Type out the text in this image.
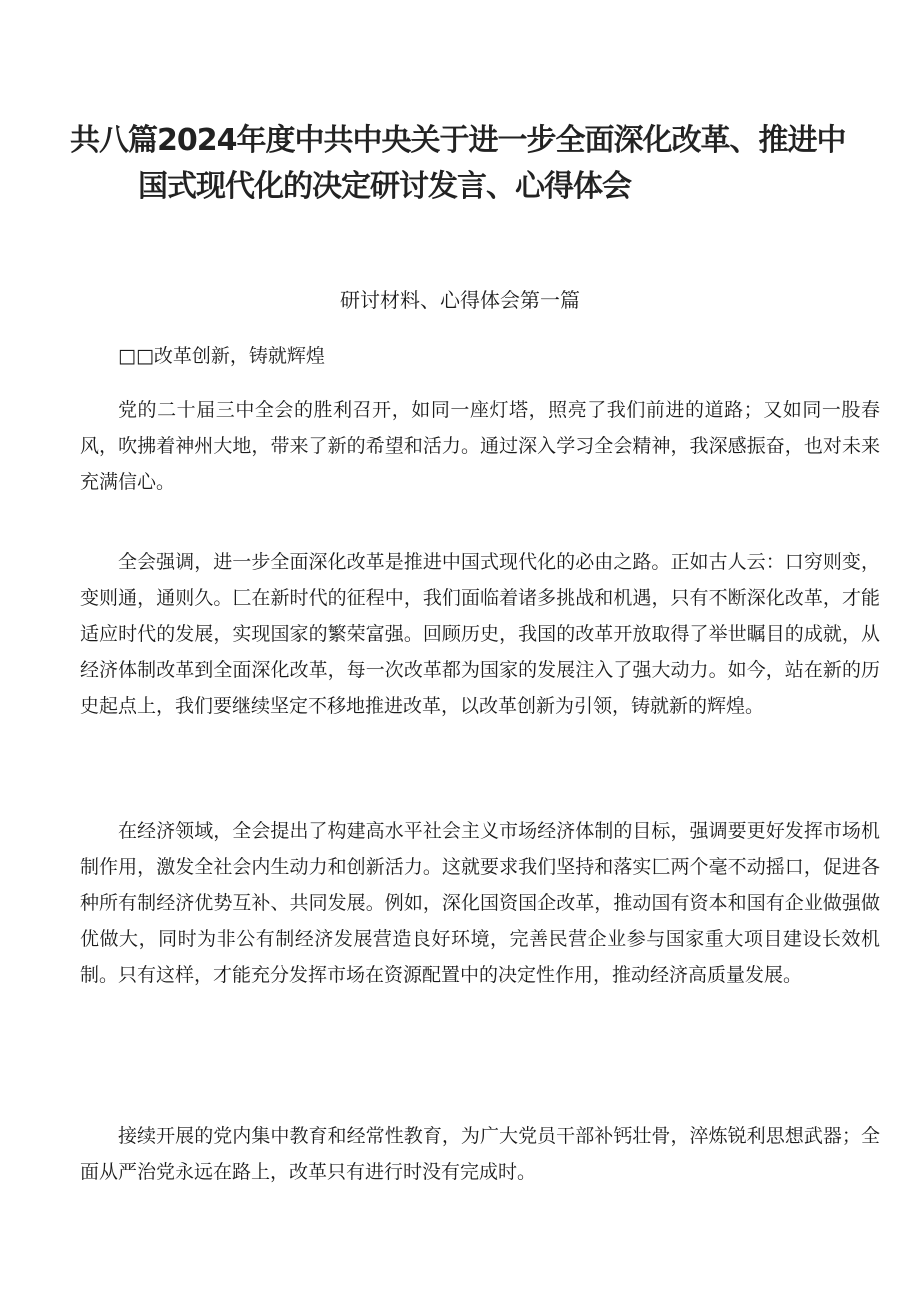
共八篇2024年度中共中央关于进一步全面深化改革、推进中
国式现代化的决定研讨发言、心得体会
研讨材料、心得体会第一篇

□□改革创新，铸就辉煌

党的二十届三中全会的胜利召开，如同一座灯塔，照亮了我们前进的道路；又如同一股春风，吹拂着神州大地，带来了新的希望和活力。通过深入学习全会精神，我深感振奋，也对未来充满信心。

全会强调，进一步全面深化改革是推进中国式现代化的必由之路。正如古人云：口穷则变，变则通，通则久。匚在新时代的征程中，我们面临着诸多挑战和机遇，只有不断深化改革，才能适应时代的发展，实现国家的繁荣富强。回顾历史，我国的改革开放取得了举世瞩目的成就，从经济体制改革到全面深化改革，每一次改革都为国家的发展注入了强大动力。如今，站在新的历史起点上，我们要继续坚定不移地推进改革，以改革创新为引领，铸就新的辉煌。

在经济领域，全会提出了构建高水平社会主义市场经济体制的目标，强调要更好发挥市场机制作用，激发全社会内生动力和创新活力。这就要求我们坚持和落实匚两个毫不动摇口，促进各种所有制经济优势互补、共同发展。例如，深化国资国企改革，推动国有资本和国有企业做强做优做大，同时为非公有制经济发展营造良好环境，完善民营企业参与国家重大项目建设长效机制。只有这样，才能充分发挥市场在资源配置中的决定性作用，推动经济高质量发展。

接续开展的党内集中教育和经常性教育，为广大党员干部补钙壮骨，淬炼锐利思想武器；全面从严治党永远在路上，改革只有进行时没有完成时。
